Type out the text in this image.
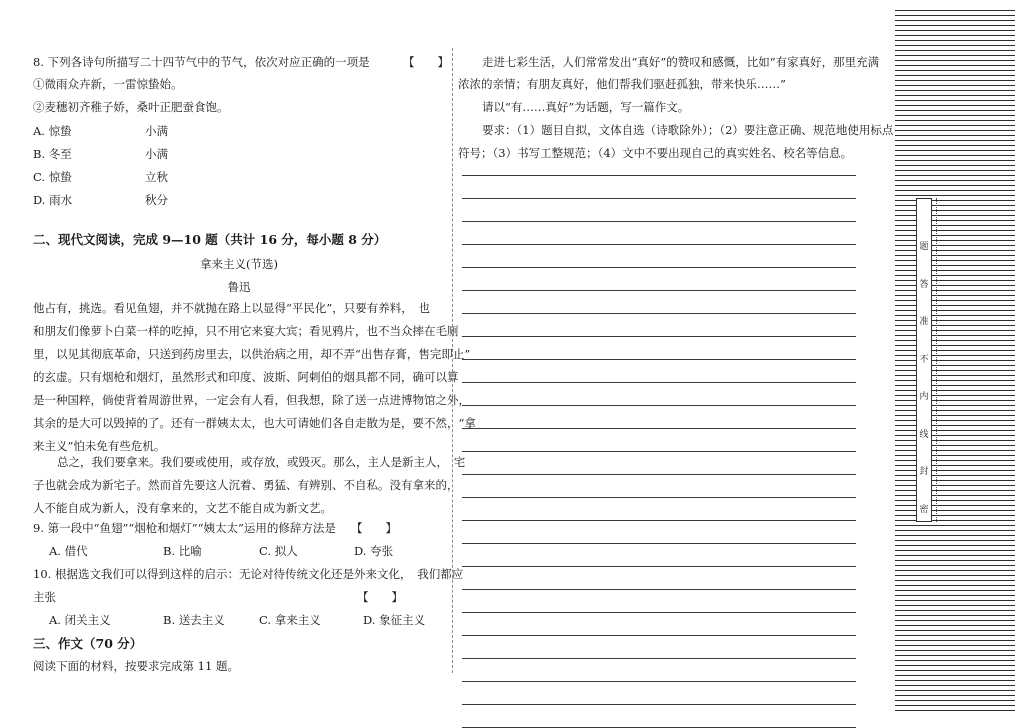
8. 下列各诗句所描写二十四节气中的节气，依次对应正确的一项是	【　　】
①微雨众卉新，一雷惊蛰始。
②麦穗初齐稚子娇，桑叶正肥蚕食饱。
A. 惊蛰	小满
B. 冬至	小满
C. 惊蛰	立秋
D. 雨水	秋分
二、现代文阅读，完成 9—10 题（共计 16 分，每小题 8 分）
拿来主义(节选)
鲁迅
他占有，挑选。看见鱼翅，并不就抛在路上以显得“平民化”，只要有养料，　也
和朋友们像萝卜白菜一样的吃掉，只不用它来宴大宾；看见鸦片，也不当众摔在毛厕
里，以见其彻底革命，只送到药房里去，以供治病之用，却不弄“出售存膏，售完即止”
的玄虚。只有烟枪和烟灯，虽然形式和印度、波斯、阿剌伯的烟具都不同，确可以算
是一种国粹，倘使背着周游世界，一定会有人看，但我想，除了送一点进博物馆之外，
其余的是大可以毁掉的了。还有一群姨太太，也大可请她们各自走散为是，要不然，“拿
来主义”怕未免有些危机。
总之，我们要拿来。我们要或使用，或存放，或毁灭。那么，主人是新主人，　宅
子也就会成为新宅子。然而首先要这人沉着、勇猛、有辨别、不自私。没有拿来的，
人不能自成为新人，没有拿来的，文艺不能自成为新文艺。
9. 第一段中“鱼翅”“烟枪和烟灯”“姨太太”运用的修辞方法是 【　　】
A. 借代	B. 比喻	C. 拟人	D. 夸张
10. 根据选文我们可以得到这样的启示：无论对待传统文化还是外来文化，　我们都应
主张	【　　】
A. 闭关主义	B. 送去主义	C. 拿来主义	D. 象征主义
三、作文（70 分）
阅读下面的材料，按要求完成第 11 题。
走进七彩生活，人们常常发出“真好”的赞叹和感慨，比如“有家真好，那里充满
浓浓的亲情；有朋友真好，他们帮我们驱赶孤独，带来快乐……”
请以“有……真好”为话题，写一篇作文。
要求：（1）题目自拟，文体自选（诗歌除外）；（2）要注意正确、规范地使用标点
符号；（3）书写工整规范；（4）文中不要出现自己的真实姓名、校名等信息。
题
答
准
不
内
线
封
密
